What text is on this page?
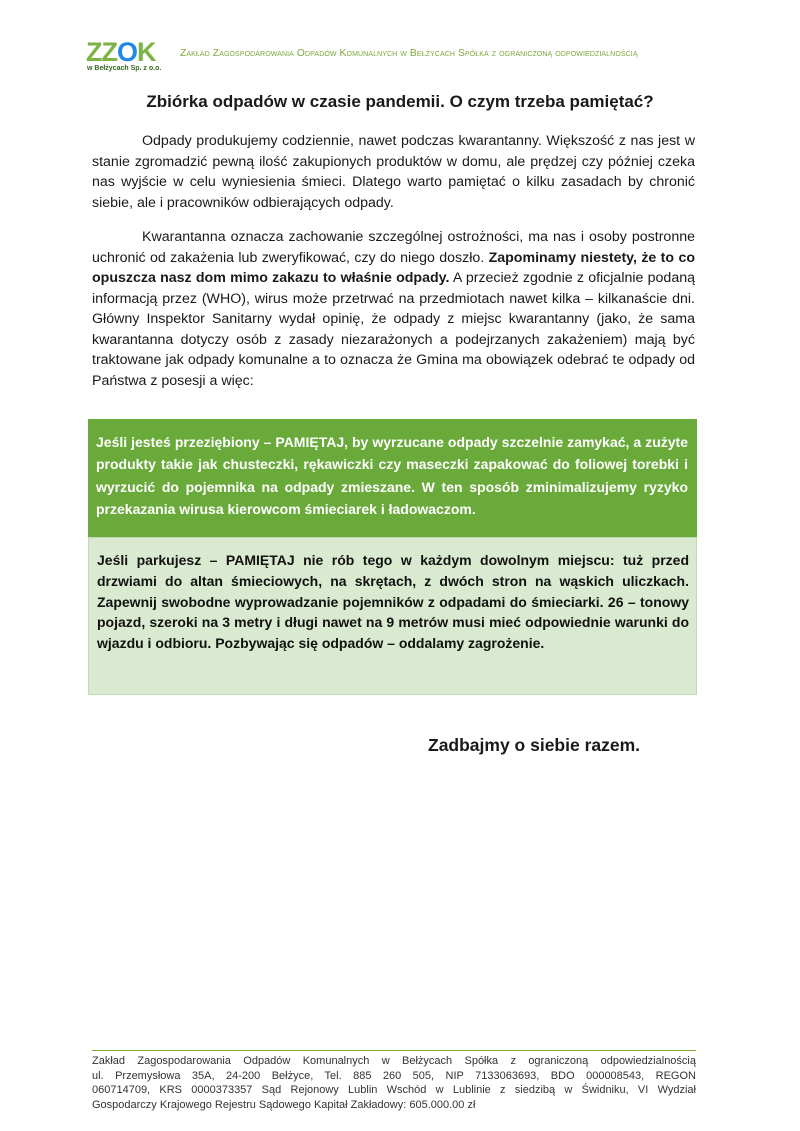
ZZOK
w Bełżycach Sp. z o.o.
Zakład Zagospodarowania Odpadów Komunalnych w Bełżycach Spółka z ograniczoną odpowiedzialnością
Zbiórka odpadów w czasie pandemii. O czym trzeba pamiętać?
Odpady produkujemy codziennie, nawet podczas kwarantanny. Większość z nas jest w stanie zgromadzić pewną ilość zakupionych produktów w domu, ale prędzej czy później czeka nas wyjście w celu wyniesienia śmieci. Dlatego warto pamiętać o kilku zasadach by chronić siebie, ale i pracowników odbierających odpady.
Kwarantanna oznacza zachowanie szczególnej ostrożności, ma nas i osoby postronne uchronić od zakażenia lub zweryfikować, czy do niego doszło. Zapominamy niestety, że to co opuszcza nasz dom mimo zakazu to właśnie odpady. A przecież zgodnie z oficjalnie podaną informacją przez (WHO), wirus może przetrwać na przedmiotach nawet kilka – kilkanaście dni. Główny Inspektor Sanitarny wydał opinię, że odpady z miejsc kwarantanny (jako, że sama kwarantanna dotyczy osób z zasady niezarażonych a podejrzanych zakażeniem) mają być traktowane jak odpady komunalne a to oznacza że Gmina ma obowiązek odebrać te odpady od Państwa z posesji a więc:
Jeśli jesteś przeziębiony – PAMIĘTAJ, by wyrzucane odpady szczelnie zamykać, a zużyte produkty takie jak chusteczki, rękawiczki czy maseczki zapakować do foliowej torebki i wyrzucić do pojemnika na odpady zmieszane. W ten sposób zminimalizujemy ryzyko przekazania wirusa kierowcom śmieciarek i ładowaczom.
Jeśli parkujesz – PAMIĘTAJ nie rób tego w każdym dowolnym miejscu: tuż przed drzwiami do altan śmieciowych, na skrętach, z dwóch stron na wąskich uliczkach. Zapewnij swobodne wyprowadzanie pojemników z odpadami do śmieciarki. 26 – tonowy pojazd, szeroki na 3 metry i długi nawet na 9 metrów musi mieć odpowiednie warunki do wjazdu i odbioru. Pozbywając się odpadów – oddalamy zagrożenie.
Zadbajmy o siebie razem.
Zakład Zagospodarowania Odpadów Komunalnych w Bełżycach Spółka z ograniczoną odpowiedzialnością
ul. Przemysłowa 35A, 24-200 Bełżyce, Tel. 885 260 505, NIP 7133063693, BDO 000008543, REGON
060714709, KRS 0000373357 Sąd Rejonowy Lublin Wschód w Lublinie z siedzibą w Świdniku, VI Wydział
Gospodarczy Krajowego Rejestru Sądowego Kapitał Zakładowy: 605.000.00 zł
